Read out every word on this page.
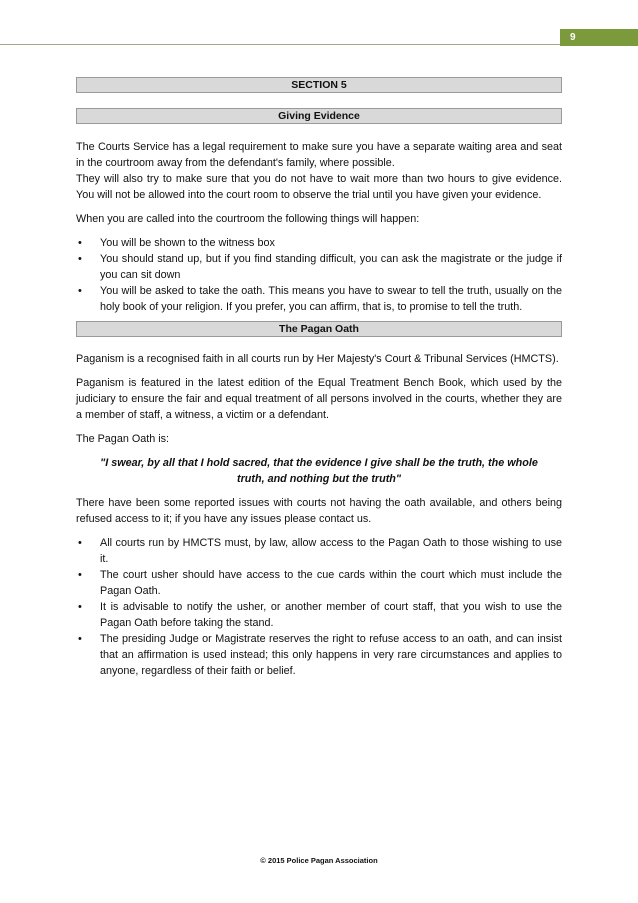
9
SECTION 5
Giving Evidence

The Courts Service has a legal requirement to make sure you have a separate waiting area and seat in the courtroom away from the defendant's family, where possible.

They will also try to make sure that you do not have to wait more than two hours to give evidence. You will not be allowed into the court room to observe the trial until you have given your evidence.

When you are called into the courtroom the following things will happen:

• You will be shown to the witness box
• You should stand up, but if you find standing difficult, you can ask the magistrate or the judge if you can sit down
• You will be asked to take the oath. This means you have to swear to tell the truth, usually on the holy book of your religion. If you prefer, you can affirm, that is, to promise to tell the truth.
The Pagan Oath

Paganism is a recognised faith in all courts run by Her Majesty's Court & Tribunal Services (HMCTS).

Paganism is featured in the latest edition of the Equal Treatment Bench Book, which used by the judiciary to ensure the fair and equal treatment of all persons involved in the courts, whether they are a member of staff, a witness, a victim or a defendant.

The Pagan Oath is:

"I swear, by all that I hold sacred, that the evidence I give shall be the truth, the whole truth, and nothing but the truth"

There have been some reported issues with courts not having the oath available, and others being refused access to it; if you have any issues please contact us.

• All courts run by HMCTS must, by law, allow access to the Pagan Oath to those wishing to use it.
• The court usher should have access to the cue cards within the court which must include the Pagan Oath.
• It is advisable to notify the usher, or another member of court staff, that you wish to use the Pagan Oath before taking the stand.
• The presiding Judge or Magistrate reserves the right to refuse access to an oath, and can insist that an affirmation is used instead; this only happens in very rare circumstances and applies to anyone, regardless of their faith or belief.
© 2015 Police Pagan Association
